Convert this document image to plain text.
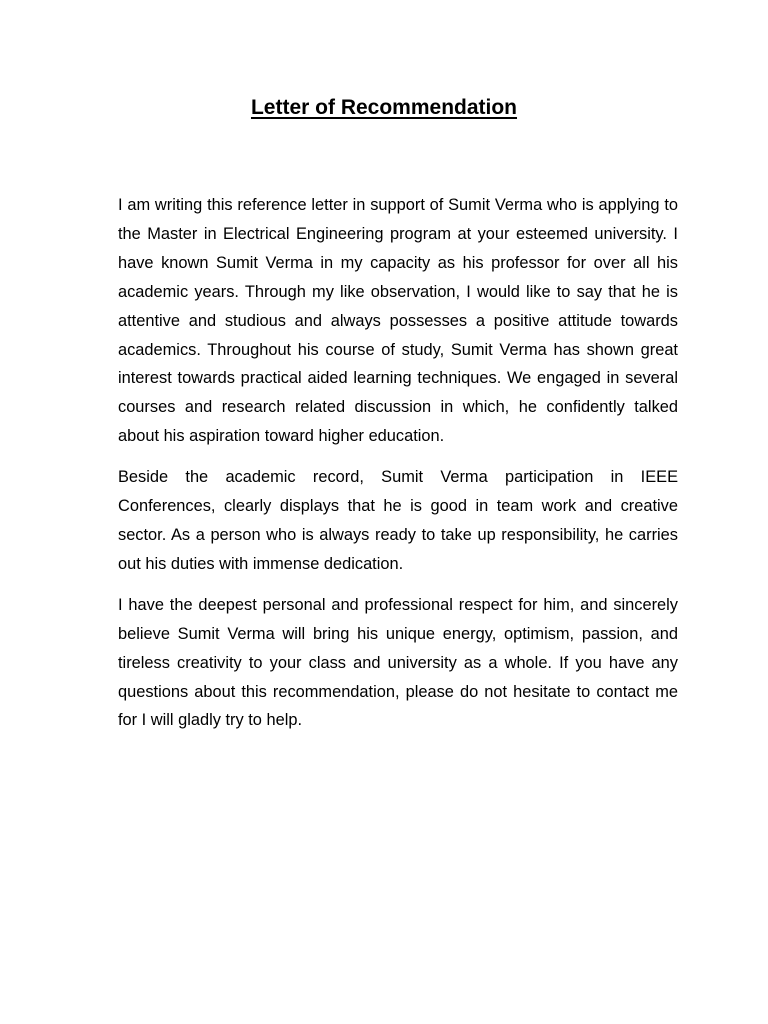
Letter of Recommendation

I am writing this reference letter in support of Sumit Verma who is applying to the Master in Electrical Engineering program at your esteemed university. I have known Sumit Verma in my capacity as his professor for over all his academic years. Through my like observation, I would like to say that he is attentive and studious and always possesses a positive attitude towards academics. Throughout his course of study, Sumit Verma has shown great interest towards practical aided learning techniques. We engaged in several courses and research related discussion in which, he confidently talked about his aspiration toward higher education.

Beside the academic record, Sumit Verma participation in IEEE Conferences, clearly displays that he is good in team work and creative sector. As a person who is always ready to take up responsibility, he carries out his duties with immense dedication.

I have the deepest personal and professional respect for him, and sincerely believe Sumit Verma will bring his unique energy, optimism, passion, and tireless creativity to your class and university as a whole. If you have any questions about this recommendation, please do not hesitate to contact me for I will gladly try to help.
